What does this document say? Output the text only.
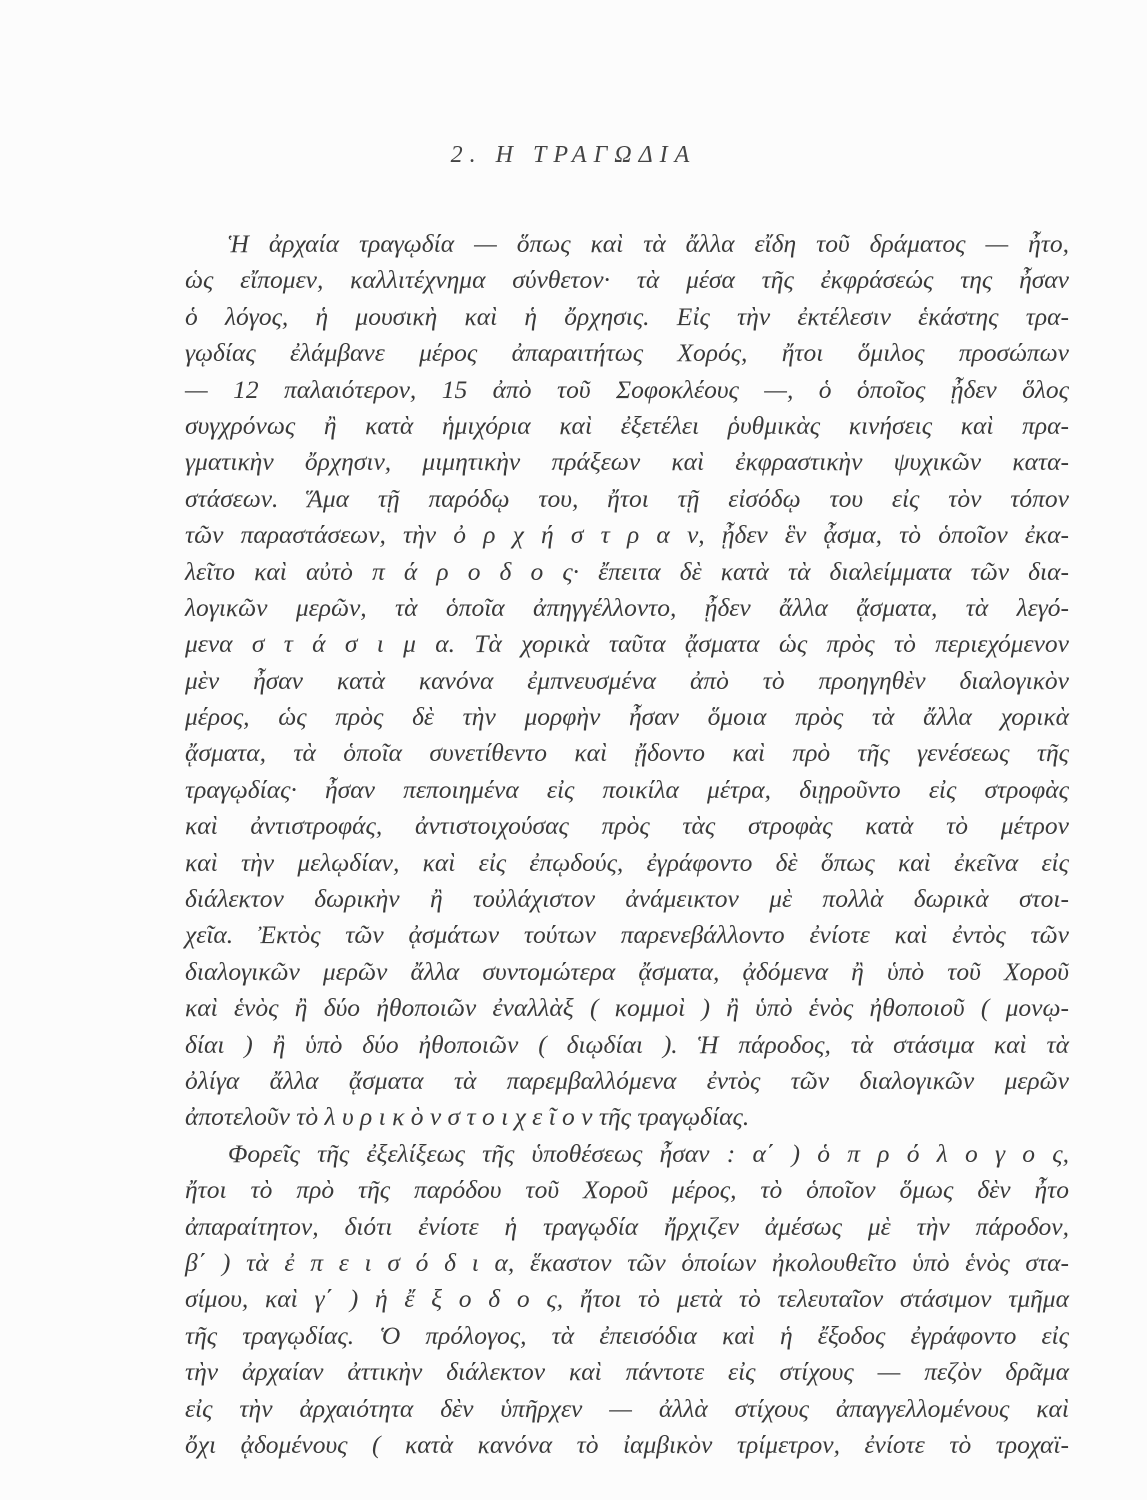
2. Η ΤΡΑΓΩΔΙΑ
Ἡ ἀρχαία τραγῳδία — ὅπως καὶ τὰ ἄλλα εἴδη τοῦ δράματος — ἦτο,
ὡς εἴπομεν, καλλιτέχνημα σύνθετον· τὰ μέσα τῆς ἐκφράσεώς της ἦσαν
ὁ λόγος, ἡ μουσικὴ καὶ ἡ ὄρχησις. Εἰς τὴν ἐκτέλεσιν ἑκάστης τρα-
γῳδίας ἐλάμβανε μέρος ἀπαραιτήτως Χορός, ἤτοι ὅμιλος προσώπων
— 12 παλαιότερον, 15 ἀπὸ τοῦ Σοφοκλέους —, ὁ ὁποῖος ᾖδεν ὅλος
συγχρόνως ἢ κατὰ ἡμιχόρια καὶ ἐξετέλει ῥυθμικὰς κινήσεις καὶ πρα-
γματικὴν ὄρχησιν, μιμητικὴν πράξεων καὶ ἐκφραστικὴν ψυχικῶν κατα-
στάσεων. Ἅμα τῇ παρόδῳ του, ἤτοι τῇ εἰσόδῳ του εἰς τὸν τόπον
τῶν παραστάσεων, τὴν ὀ ρ χ ή σ τ ρ α ν, ᾖδεν ἓν ᾆσμα, τὸ ὁποῖον ἐκα-
λεῖτο καὶ αὐτὸ π ά ρ ο δ ο ς· ἔπειτα δὲ κατὰ τὰ διαλείμματα τῶν δια-
λογικῶν μερῶν, τὰ ὁποῖα ἀπηγγέλλοντο, ᾖδεν ἄλλα ᾄσματα, τὰ λεγό-
μενα σ τ ά σ ι μ α. Τὰ χορικὰ ταῦτα ᾄσματα ὡς πρὸς τὸ περιεχόμενον
μὲν ἦσαν κατὰ κανόνα ἐμπνευσμένα ἀπὸ τὸ προηγηθὲν διαλογικὸν
μέρος, ὡς πρὸς δὲ τὴν μορφὴν ἦσαν ὅμοια πρὸς τὰ ἄλλα χορικὰ
ᾄσματα, τὰ ὁποῖα συνετίθεντο καὶ ᾔδοντο καὶ πρὸ τῆς γενέσεως τῆς
τραγῳδίας· ἦσαν πεποιημένα εἰς ποικίλα μέτρα, διῃροῦντο εἰς στροφὰς
καὶ ἀντιστροφάς, ἀντιστοιχούσας πρὸς τὰς στροφὰς κατὰ τὸ μέτρον
καὶ τὴν μελῳδίαν, καὶ εἰς ἐπῳδούς, ἐγράφοντο δὲ ὅπως καὶ ἐκεῖνα εἰς
διάλεκτον δωρικὴν ἢ τοὐλάχιστον ἀνάμεικτον μὲ πολλὰ δωρικὰ στοι-
χεῖα. Ἐκτὸς τῶν ᾀσμάτων τούτων παρενεβάλλοντο ἐνίοτε καὶ ἐντὸς τῶν
διαλογικῶν μερῶν ἄλλα συντομώτερα ᾄσματα, ᾀδόμενα ἢ ὑπὸ τοῦ Χοροῦ
καὶ ἑνὸς ἢ δύο ἠθοποιῶν ἐναλλὰξ ( κομμοὶ ) ἢ ὑπὸ ἑνὸς ἠθοποιοῦ ( μονῳ-
δίαι ) ἢ ὑπὸ δύο ἠθοποιῶν ( διῳδίαι ). Ἡ πάροδος, τὰ στάσιμα καὶ τὰ
ὀλίγα ἄλλα ᾄσματα τὰ παρεμβαλλόμενα ἐντὸς τῶν διαλογικῶν μερῶν
ἀποτελοῦν τὸ λ υ ρ ι κ ὸ ν σ τ ο ι χ ε ῖ ο ν τῆς τραγῳδίας.
Φορεῖς τῆς ἐξελίξεως τῆς ὑποθέσεως ἦσαν : α΄ ) ὁ π ρ ό λ ο γ ο ς,
ἤτοι τὸ πρὸ τῆς παρόδου τοῦ Χοροῦ μέρος, τὸ ὁποῖον ὅμως δὲν ἦτο
ἀπαραίτητον, διότι ἐνίοτε ἡ τραγῳδία ἤρχιζεν ἀμέσως μὲ τὴν πάροδον,
β΄ ) τὰ ἐ π ε ι σ ό δ ι α, ἕκαστον τῶν ὁποίων ἠκολουθεῖτο ὑπὸ ἑνὸς στα-
σίμου, καὶ γ΄ ) ἡ ἔ ξ ο δ ο ς, ἤτοι τὸ μετὰ τὸ τελευταῖον στάσιμον τμῆμα
τῆς τραγῳδίας. Ὁ πρόλογος, τὰ ἐπεισόδια καὶ ἡ ἔξοδος ἐγράφοντο εἰς
τὴν ἀρχαίαν ἀττικὴν διάλεκτον καὶ πάντοτε εἰς στίχους — πεζὸν δρᾶμα
εἰς τὴν ἀρχαιότητα δὲν ὑπῆρχεν — ἀλλὰ στίχους ἀπαγγελλομένους καὶ
ὄχι ᾀδομένους ( κατὰ κανόνα τὸ ἰαμβικὸν τρίμετρον, ἐνίοτε τὸ τροχαϊ-
